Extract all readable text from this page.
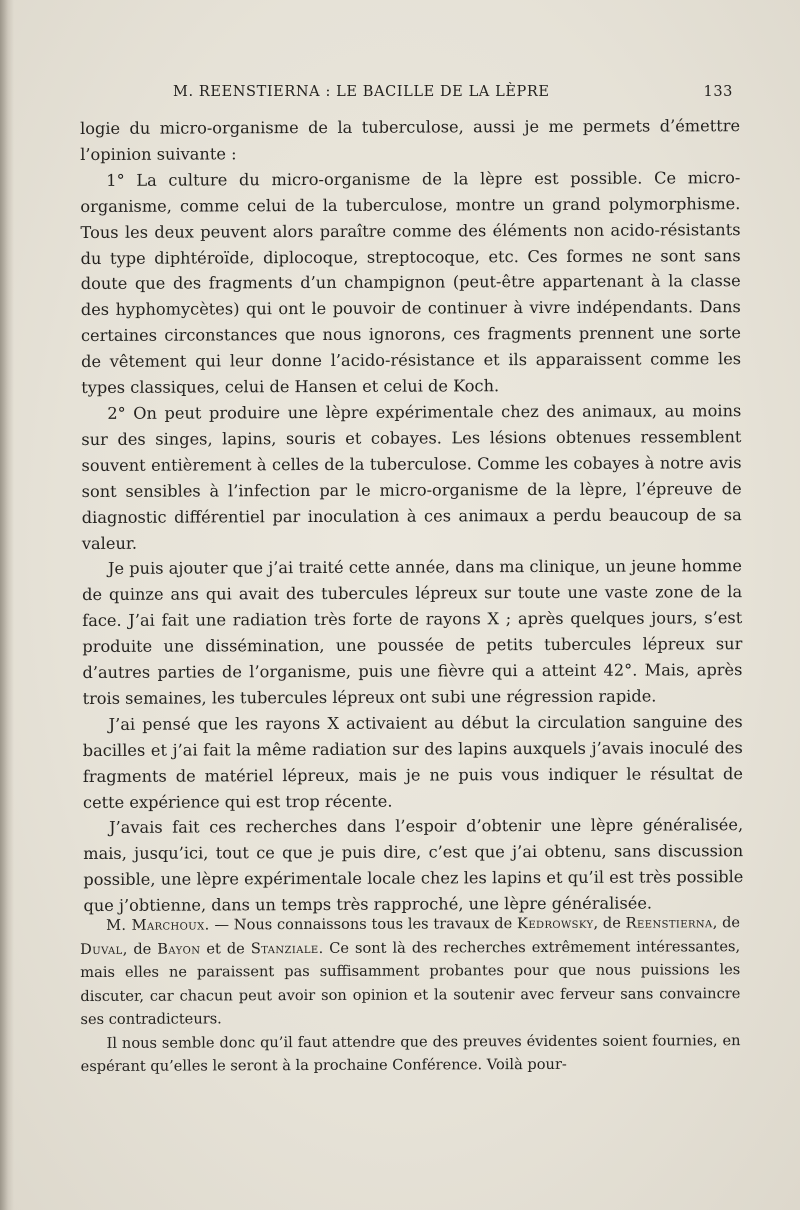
M. REENSTIERNA : LE BACILLE DE LA LÈPRE	133

logie du micro-organisme de la tuberculose, aussi je me permets d’émettre l’opinion suivante :

1° La culture du micro-organisme de la lèpre est possible. Ce micro-organisme, comme celui de la tuberculose, montre un grand polymorphisme. Tous les deux peuvent alors paraître comme des éléments non acido-résistants du type diphtéroïde, diplocoque, streptocoque, etc. Ces formes ne sont sans doute que des fragments d’un champignon (peut-être appartenant à la classe des hyphomycètes) qui ont le pouvoir de continuer à vivre indépendants. Dans certaines circonstances que nous ignorons, ces fragments prennent une sorte de vêtement qui leur donne l’acido-résistance et ils apparaissent comme les types classiques, celui de Hansen et celui de Koch.

2° On peut produire une lèpre expérimentale chez des animaux, au moins sur des singes, lapins, souris et cobayes. Les lésions obtenues ressemblent souvent entièrement à celles de la tuberculose. Comme les cobayes à notre avis sont sensibles à l’infection par le micro-organisme de la lèpre, l’épreuve de diagnostic différentiel par inoculation à ces animaux a perdu beaucoup de sa valeur.

Je puis ajouter que j’ai traité cette année, dans ma clinique, un jeune homme de quinze ans qui avait des tubercules lépreux sur toute une vaste zone de la face. J’ai fait une radiation très forte de rayons X ; après quelques jours, s’est produite une dissémination, une poussée de petits tubercules lépreux sur d’autres parties de l’organisme, puis une fièvre qui a atteint 42°. Mais, après trois semaines, les tubercules lépreux ont subi une régression rapide.

J’ai pensé que les rayons X activaient au début la circulation sanguine des bacilles et j’ai fait la même radiation sur des lapins auxquels j’avais inoculé des fragments de matériel lépreux, mais je ne puis vous indiquer le résultat de cette expérience qui est trop récente.

J’avais fait ces recherches dans l’espoir d’obtenir une lèpre généralisée, mais, jusqu’ici, tout ce que je puis dire, c’est que j’ai obtenu, sans discussion possible, une lèpre expérimentale locale chez les lapins et qu’il est très possible que j’obtienne, dans un temps très rapproché, une lèpre généralisée.

M. Marchoux. — Nous connaissons tous les travaux de Kedrowsky, de Reenstierna, de Duval, de Bayon et de Stanziale. Ce sont là des recherches extrêmement intéressantes, mais elles ne paraissent pas suffisamment probantes pour que nous puissions les discuter, car chacun peut avoir son opinion et la soutenir avec ferveur sans convaincre ses contradicteurs.

Il nous semble donc qu’il faut attendre que des preuves évidentes soient fournies, en espérant qu’elles le seront à la prochaine Conférence. Voilà pour-
